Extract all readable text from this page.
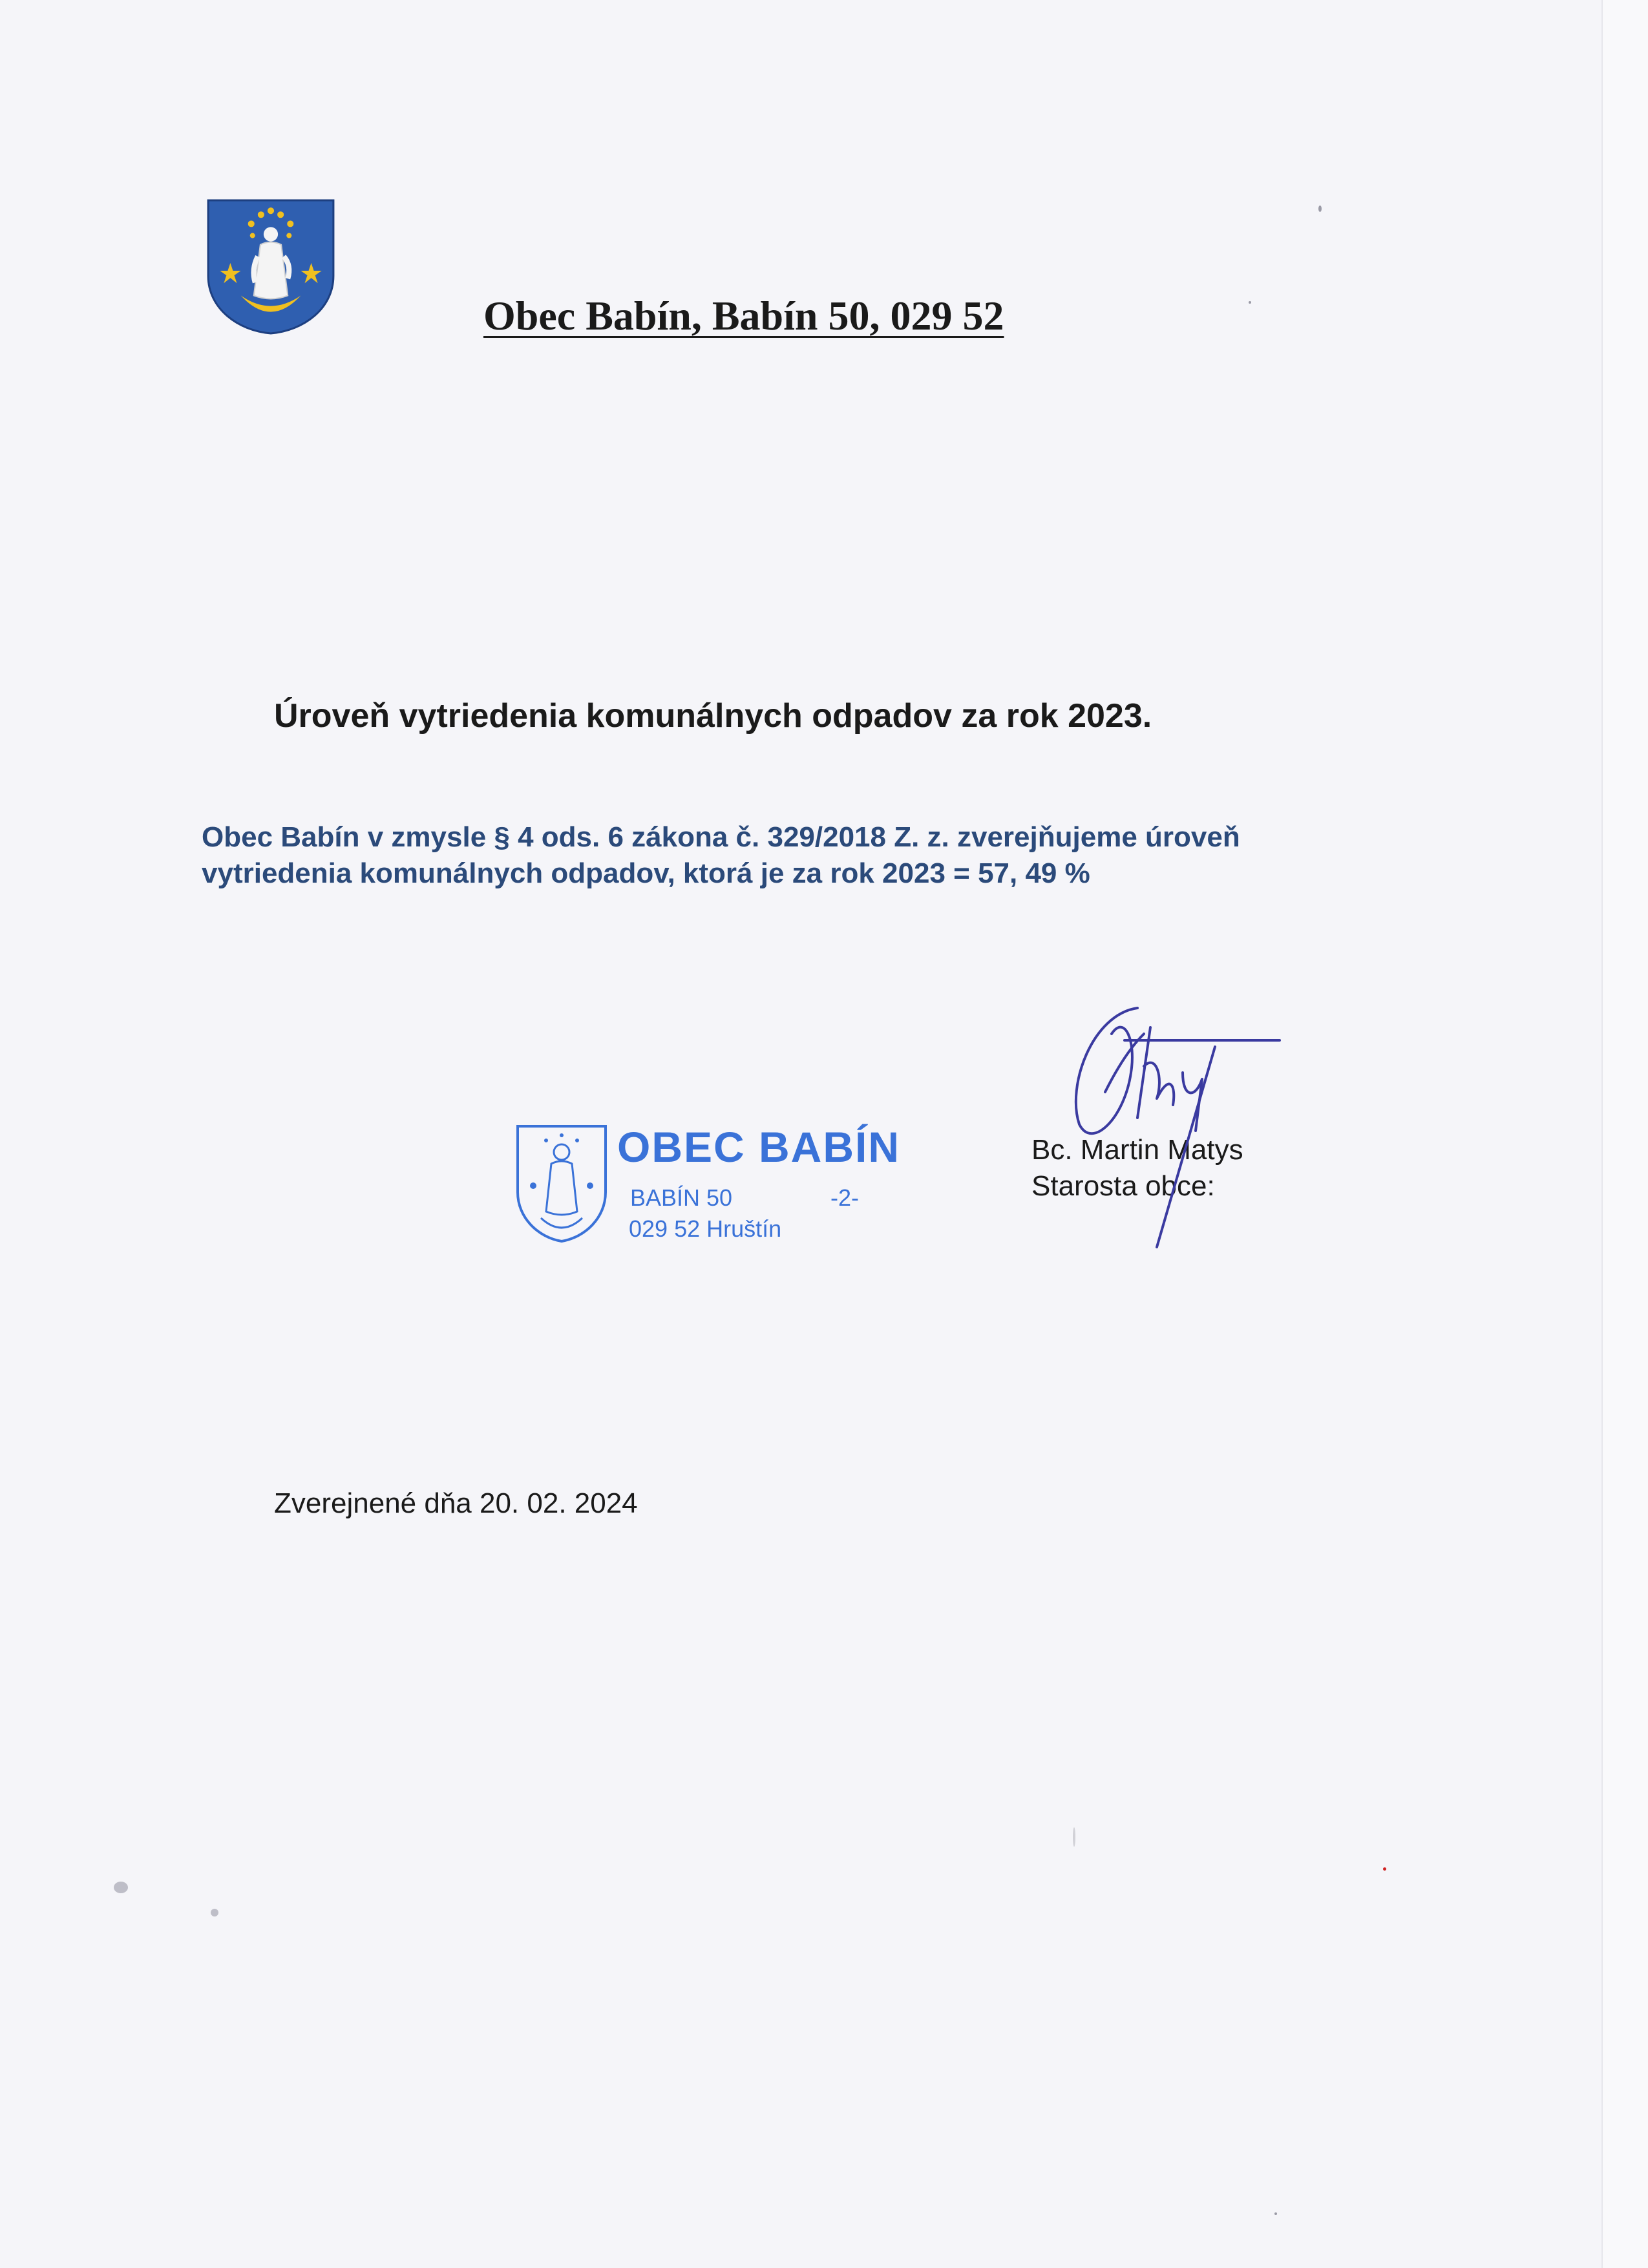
Obec Babín, Babín 50, 029 52
Úroveň vytriedenia komunálnych odpadov za rok 2023.
Obec Babín v zmysle § 4 ods. 6 zákona č. 329/2018 Z. z. zverejňujeme úroveň
vytriedenia komunálnych odpadov, ktorá je za rok 2023 = 57, 49 %
OBEC BABÍN
BABÍN 50	-2-
029 52 Hruštín
Bc. Martin Matys
Starosta obce:
Zverejnené dňa 20. 02. 2024
